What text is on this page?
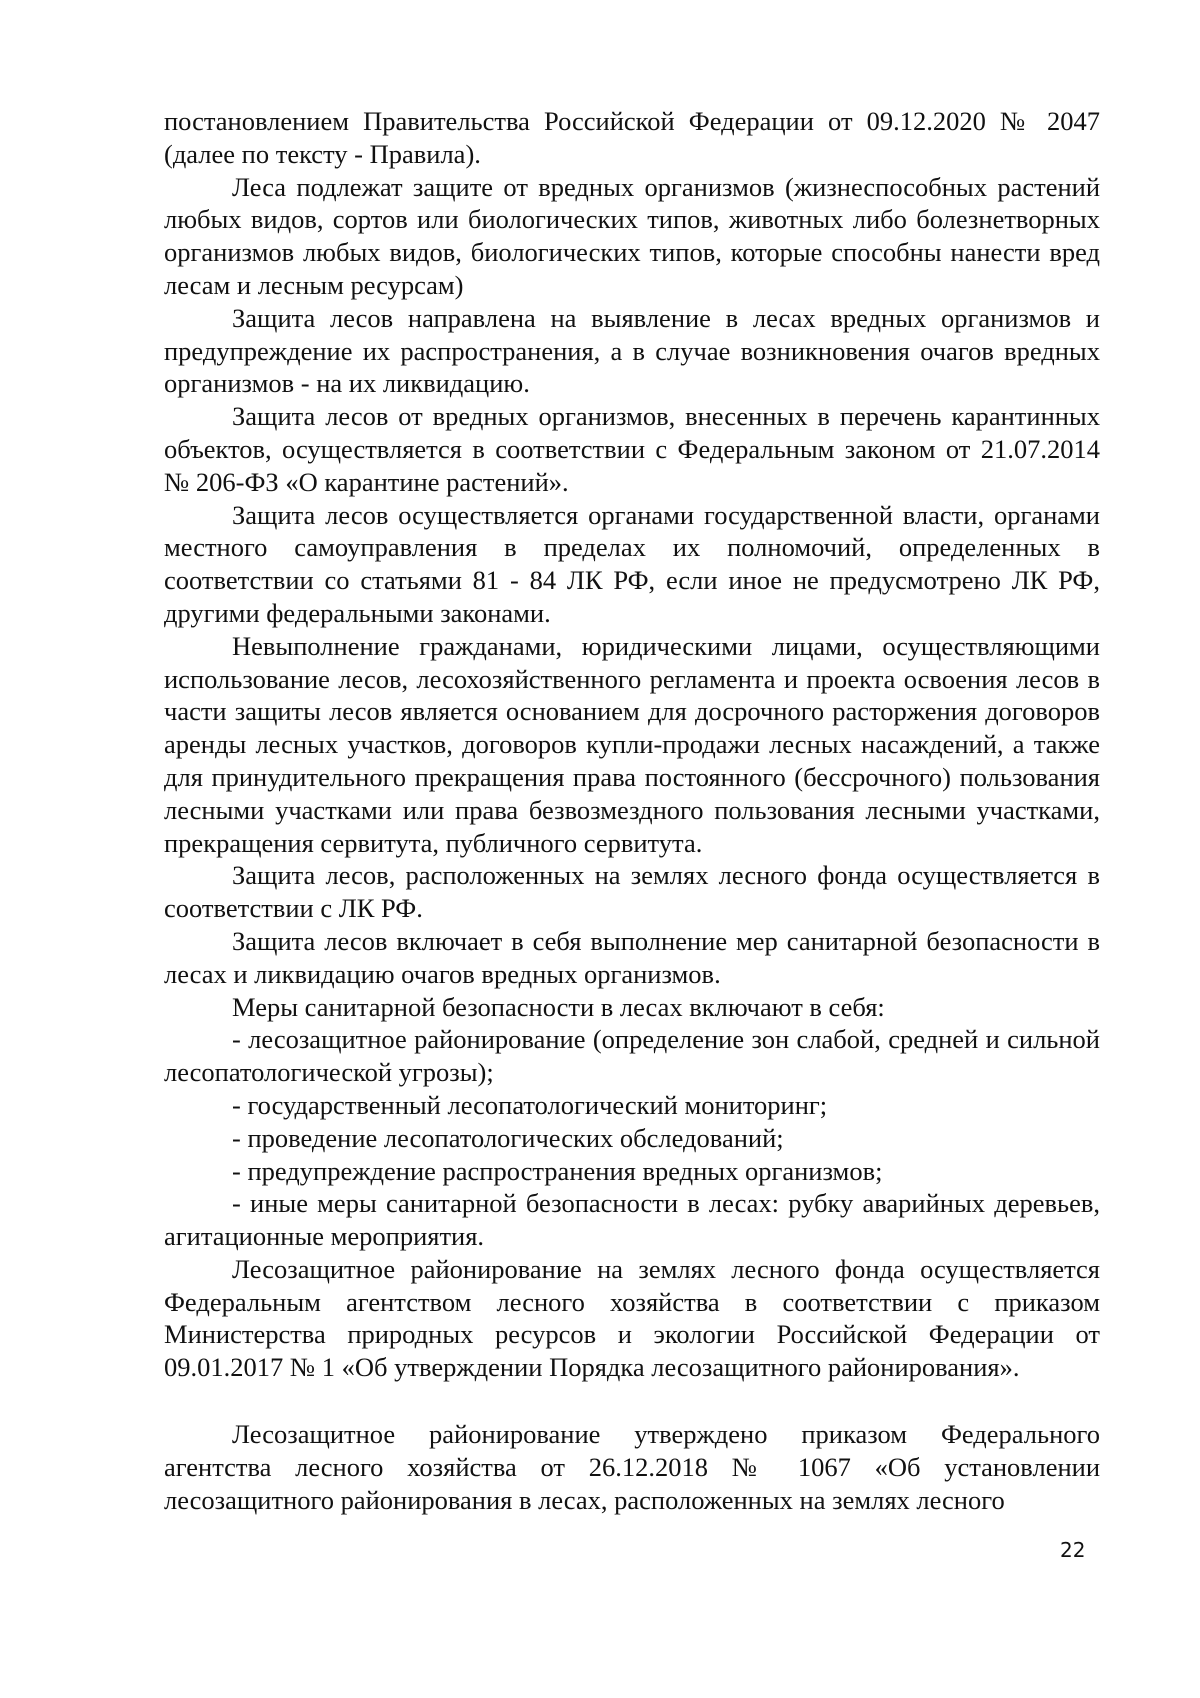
постановлением Правительства Российской Федерации от 09.12.2020 № 2047 (далее по тексту - Правила).

Леса подлежат защите от вредных организмов (жизнеспособных растений любых видов, сортов или биологических типов, животных либо болезнетворных организмов любых видов, биологических типов, которые способны нанести вред лесам и лесным ресурсам)

Защита лесов направлена на выявление в лесах вредных организмов и предупреждение их распространения, а в случае возникновения очагов вредных организмов - на их ликвидацию.

Защита лесов от вредных организмов, внесенных в перечень карантинных объектов, осуществляется в соответствии с Федеральным законом от 21.07.2014 № 206-ФЗ «О карантине растений».

Защита лесов осуществляется органами государственной власти, органами местного самоуправления в пределах их полномочий, определенных в соответствии со статьями 81 - 84 ЛК РФ, если иное не предусмотрено ЛК РФ, другими федеральными законами.

Невыполнение гражданами, юридическими лицами, осуществляющими использование лесов, лесохозяйственного регламента и проекта освоения лесов в части защиты лесов является основанием для досрочного расторжения договоров аренды лесных участков, договоров купли-продажи лесных насаждений, а также для принудительного прекращения права постоянного (бессрочного) пользования лесными участками или права безвозмездного пользования лесными участками, прекращения сервитута, публичного сервитута.

Защита лесов, расположенных на землях лесного фонда осуществляется в соответствии с ЛК РФ.

Защита лесов включает в себя выполнение мер санитарной безопасности в лесах и ликвидацию очагов вредных организмов.

Меры санитарной безопасности в лесах включают в себя:

- лесозащитное районирование (определение зон слабой, средней и сильной лесопатологической угрозы);

- государственный лесопатологический мониторинг;

- проведение лесопатологических обследований;

- предупреждение распространения вредных организмов;

- иные меры санитарной безопасности в лесах: рубку аварийных деревьев, агитационные мероприятия.

Лесозащитное районирование на землях лесного фонда осуществляется Федеральным агентством лесного хозяйства в соответствии с приказом Министерства природных ресурсов и экологии Российской Федерации от 09.01.2017 № 1 «Об утверждении Порядка лесозащитного районирования».

Лесозащитное районирование утверждено приказом Федерального агентства лесного хозяйства от 26.12.2018 № 1067 «Об установлении лесозащитного районирования в лесах, расположенных на землях лесного

22
